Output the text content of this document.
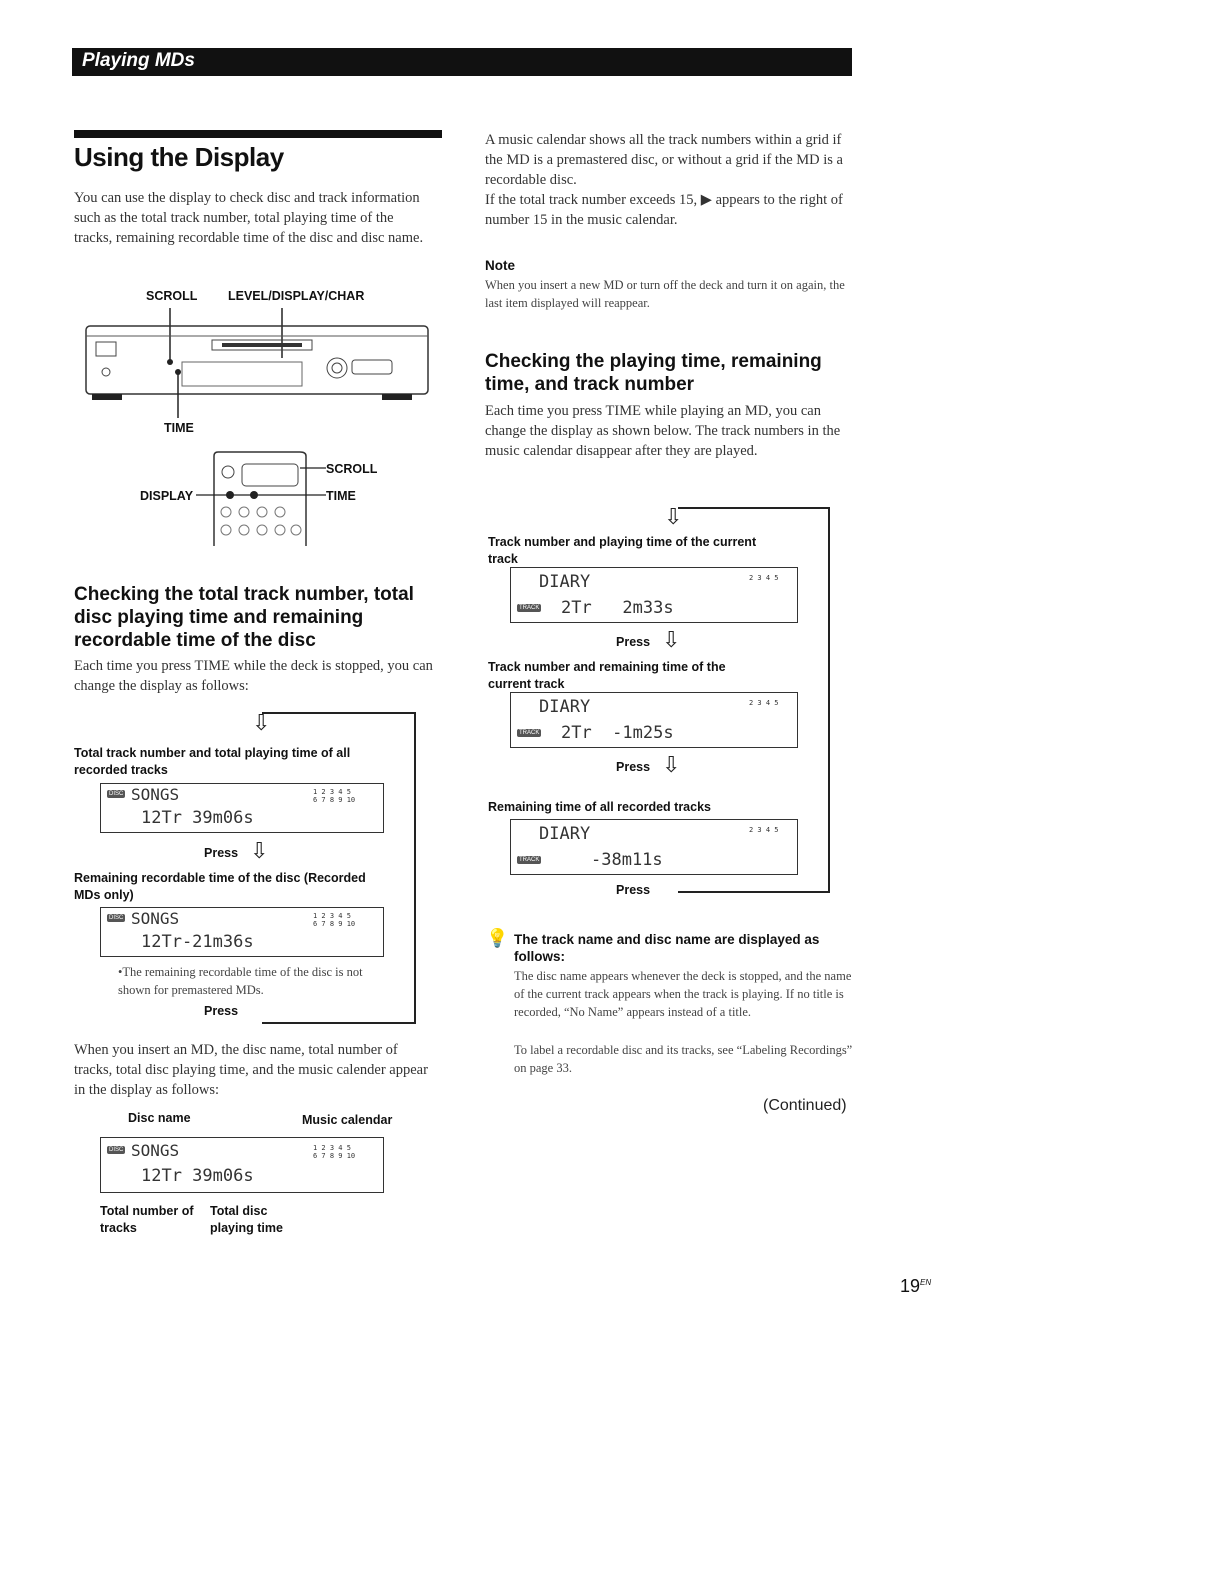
Playing MDs
Using the Display
You can use the display to check disc and track information such as the total track number, total playing time of the tracks, remaining recordable time of the disc and disc name.
SCROLL LEVEL/DISPLAY/CHAR
TIME
SCROLL
DISPLAY	TIME
Checking the total track number, total disc playing time and remaining recordable time of the disc
Each time you press TIME while the deck is stopped, you can change the display as follows:
⇩
Total track number and total playing time of all recorded tracks
DISC SONGS
12Tr 39m06s
1 2 3 4 5
6 7 8 9 10
Press ⇩
Remaining recordable time of the disc (Recorded MDs only)
DISC SONGS
12Tr-21m36s
1 2 3 4 5
6 7 8 9 10
•The remaining recordable time of the disc is not shown for premastered MDs.
Press
When you insert an MD, the disc name, total number of tracks, total disc playing time, and the music calender appear in the display as follows:
Disc name	Music calendar
DISC SONGS
12Tr 39m06s
1 2 3 4 5
6 7 8 9 10
Total number of tracks
Total disc playing time
A music calendar shows all the track numbers within a grid if the MD is a premastered disc, or without a grid if the MD is a recordable disc.
If the total track number exceeds 15, ▶ appears to the right of number 15 in the music calendar.
Note
When you insert a new MD or turn off the deck and turn it on again, the last item displayed will reappear.
Checking the playing time, remaining time, and track number
Each time you press TIME while playing an MD, you can change the display as shown below. The track numbers in the music calendar disappear after they are played.
⇩
Track number and playing time of the current track
DIARY
TRACK 2Tr   2m33s
2 3 4 5
Press ⇩
Track number and remaining time of the current track
DIARY
TRACK 2Tr  -1m25s
2 3 4 5
Press ⇩
Remaining time of all recorded tracks
DIARY
TRACK	-38m11s
2 3 4 5
Press
💡 The track name and disc name are displayed as follows:
The disc name appears whenever the deck is stopped, and the name of the current track appears when the track is playing. If no title is recorded, “No Name” appears instead of a title.
To label a recordable disc and its tracks, see “Labeling Recordings” on page 33.
(Continued)
$19^{EN}$
